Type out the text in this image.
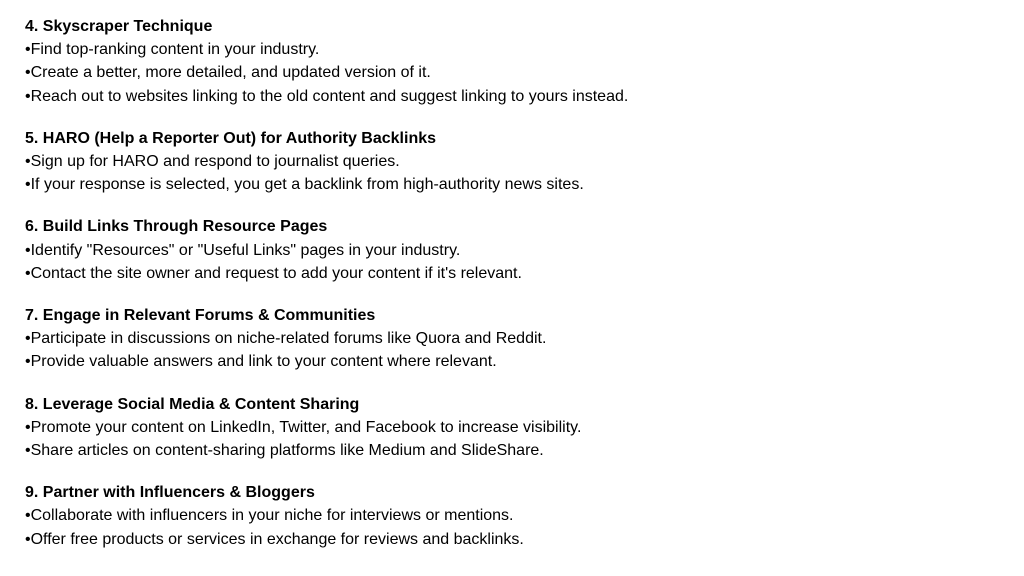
4. Skyscraper Technique
•Find top-ranking content in your industry.
•Create a better, more detailed, and updated version of it.
•Reach out to websites linking to the old content and suggest linking to yours instead.
5. HARO (Help a Reporter Out) for Authority Backlinks
•Sign up for HARO and respond to journalist queries.
•If your response is selected, you get a backlink from high-authority news sites.
6. Build Links Through Resource Pages
•Identify "Resources" or "Useful Links" pages in your industry.
•Contact the site owner and request to add your content if it's relevant.
7. Engage in Relevant Forums & Communities
•Participate in discussions on niche-related forums like Quora and Reddit.
•Provide valuable answers and link to your content where relevant.
8. Leverage Social Media & Content Sharing
•Promote your content on LinkedIn, Twitter, and Facebook to increase visibility.
•Share articles on content-sharing platforms like Medium and SlideShare.
9. Partner with Influencers & Bloggers
•Collaborate with influencers in your niche for interviews or mentions.
•Offer free products or services in exchange for reviews and backlinks.
